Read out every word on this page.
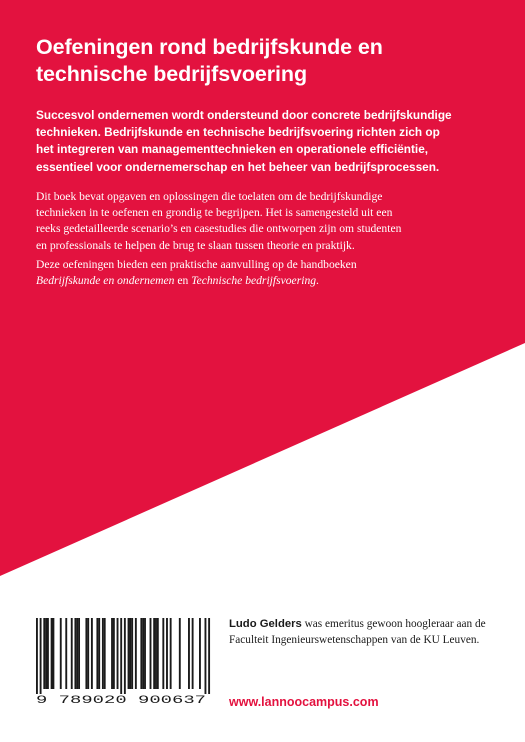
Oefeningen rond bedrijfskunde en
technische bedrijfsvoering

Succesvol ondernemen wordt ondersteund door concrete bedrijfskundige
technieken. Bedrijfskunde en technische bedrijfsvoering richten zich op
het integreren van managementtechnieken en operationele efficiëntie,
essentieel voor ondernemerschap en het beheer van bedrijfsprocessen.

Dit boek bevat opgaven en oplossingen die toelaten om de bedrijfskundige
technieken in te oefenen en grondig te begrijpen. Het is samengesteld uit een
reeks gedetailleerde scenario’s en casestudies die ontworpen zijn om studenten
en professionals te helpen de brug te slaan tussen theorie en praktijk.

Deze oefeningen bieden een praktische aanvulling op de handboeken
Bedrijfskunde en ondernemen en Technische bedrijfsvoering.

9 789020 900637

Ludo Gelders was emeritus gewoon hoogleraar aan de
Faculteit Ingenieurswetenschappen van de KU Leuven.

www.lannoocampus.com
